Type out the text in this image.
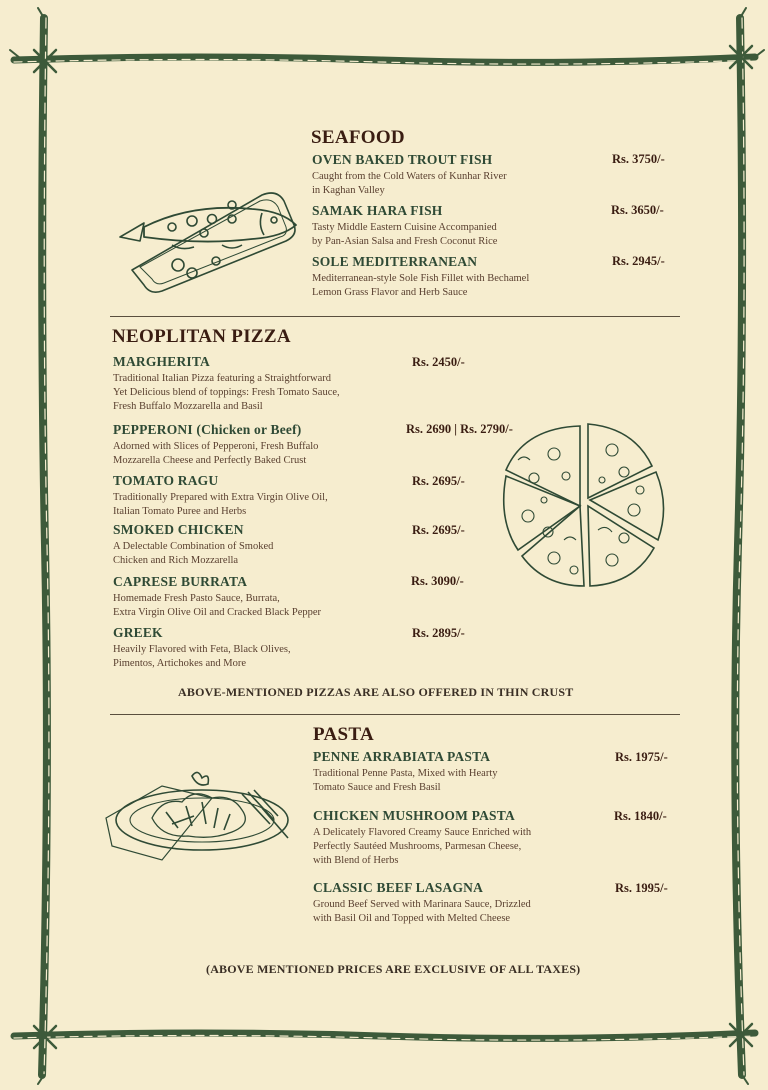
SEAFOOD
OVEN BAKED TROUT FISH
Caught from the Cold Waters of Kunhar River
in Kaghan Valley
Rs. 3750/-
SAMAK HARA FISH
Tasty Middle Eastern Cuisine Accompanied
by Pan-Asian Salsa and Fresh Coconut Rice
Rs. 3650/-
SOLE MEDITERRANEAN
Mediterranean-style Sole Fish Fillet with Bechamel
Lemon Grass Flavor and Herb Sauce
Rs. 2945/-
NEOPLITAN PIZZA
MARGHERITA
Traditional Italian Pizza featuring a Straightforward
Yet Delicious blend of toppings: Fresh Tomato Sauce,
Fresh Buffalo Mozzarella and Basil
Rs. 2450/-
PEPPERONI (Chicken or Beef)
Adorned with Slices of Pepperoni, Fresh Buffalo
Mozzarella Cheese and Perfectly Baked Crust
Rs. 2690 | Rs. 2790/-
TOMATO RAGU
Traditionally Prepared with Extra Virgin Olive Oil,
Italian Tomato Puree and Herbs
Rs. 2695/-
SMOKED CHICKEN
A Delectable Combination of Smoked
Chicken and Rich Mozzarella
Rs. 2695/-
CAPRESE BURRATA
Homemade Fresh Pasto Sauce, Burrata,
Extra Virgin Olive Oil and Cracked Black Pepper
Rs. 3090/-
GREEK
Heavily Flavored with Feta, Black Olives,
Pimentos, Artichokes and More
Rs. 2895/-
ABOVE-MENTIONED PIZZAS ARE ALSO OFFERED IN THIN CRUST
PASTA
PENNE ARRABIATA PASTA
Traditional Penne Pasta, Mixed with Hearty
Tomato Sauce and Fresh Basil
Rs. 1975/-
CHICKEN MUSHROOM PASTA
A Delicately Flavored Creamy Sauce Enriched with
Perfectly Sautéed Mushrooms, Parmesan Cheese,
with Blend of Herbs
Rs. 1840/-
CLASSIC BEEF LASAGNA
Ground Beef Served with Marinara Sauce, Drizzled
with Basil Oil and Topped with Melted Cheese
Rs. 1995/-
(ABOVE MENTIONED PRICES ARE EXCLUSIVE OF ALL TAXES)
